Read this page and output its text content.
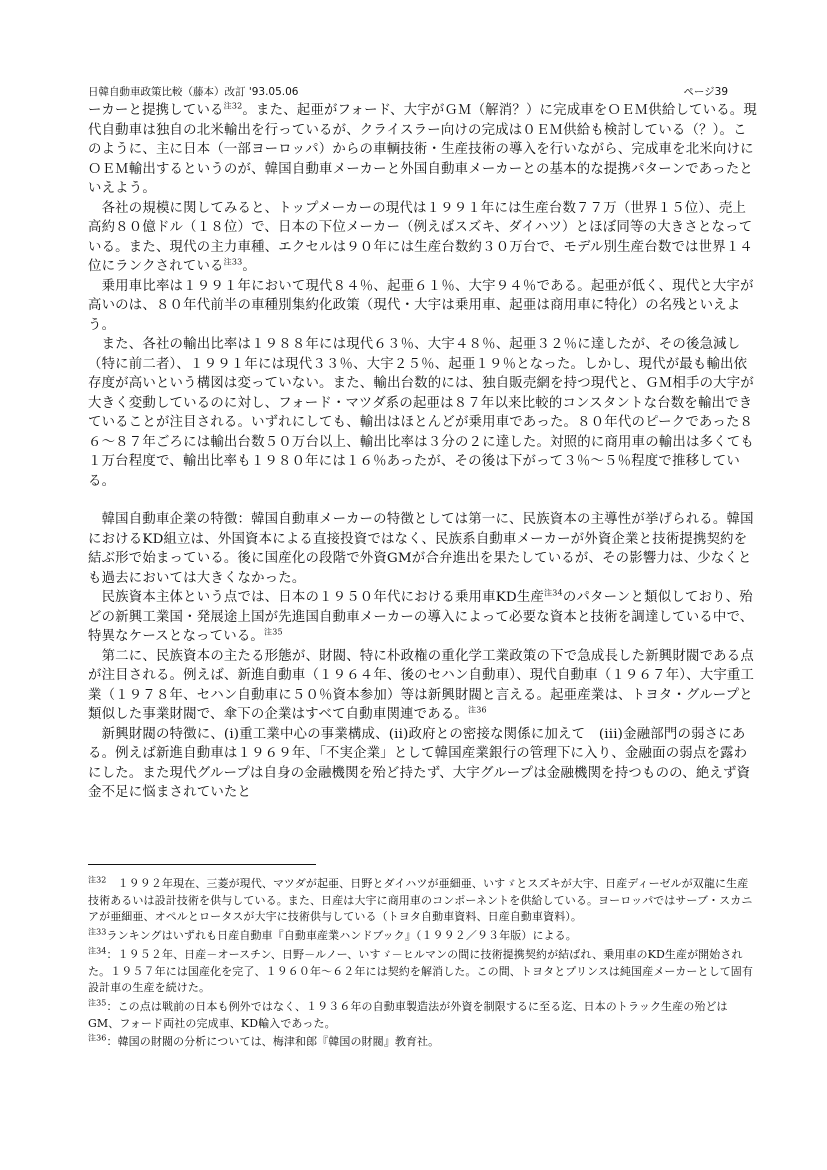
日韓自動車政策比較（藤本）改訂 '93.05.06	ページ39

ーカーと提携している$^{注32}$。また、起亜がフォード、大宇がＧＭ（解消？）に完成車をＯＥＭ供給している。現代自動車は独自の北米輸出を行っているが、クライスラー向けの完成は０ＥＭ供給も検討している（？）。このように、主に日本（一部ヨーロッパ）からの車輌技術・生産技術の導入を行いながら、完成車を北米向けにＯＥＭ輸出するというのが、韓国自動車メーカーと外国自動車メーカーとの基本的な提携パターンであったといえよう。

　各社の規模に関してみると、トップメーカーの現代は１９９１年には生産台数７７万（世界１５位）、売上高約８０億ドル（１８位）で、日本の下位メーカー（例えばスズキ、ダイハツ）とほぼ同等の大きさとなっている。また、現代の主力車種、エクセルは９０年には生産台数約３０万台で、モデル別生産台数では世界１４位にランクされている$^{注33}$。

　乗用車比率は１９９１年において現代８４％、起亜６１％、大宇９４％である。起亜が低く、現代と大宇が高いのは、８０年代前半の車種別集約化政策（現代・大宇は乗用車、起亜は商用車に特化）の名残といえよう。

　また、各社の輸出比率は１９８８年には現代６３％、大宇４８％、起亜３２％に達したが、その後急減し（特に前二者）、１９９１年には現代３３％、大宇２５％、起亜１９％となった。しかし、現代が最も輸出依存度が高いという構図は変っていない。また、輸出台数的には、独自販売網を持つ現代と、ＧＭ相手の大宇が大きく変動しているのに対し、フォード・マツダ系の起亜は８７年以来比較的コンスタントな台数を輸出できていることが注目される。いずれにしても、輸出はほとんどが乗用車であった。８０年代のピークであった８６～８７年ごろには輸出台数５０万台以上、輸出比率は３分の２に達した。対照的に商用車の輸出は多くても１万台程度で、輸出比率も１９８０年には１６％あったが、その後は下がって３％～５％程度で推移している。

　韓国自動車企業の特徴：韓国自動車メーカーの特徴としては第一に、民族資本の主導性が挙げられる。韓国におけるKD組立は、外国資本による直接投資ではなく、民族系自動車メーカーが外資企業と技術提携契約を結ぶ形で始まっている。後に国産化の段階で外資GMが合弁進出を果たしているが、その影響力は、少なくとも過去においては大きくなかった。

　民族資本主体という点では、日本の１９５０年代における乗用車KD生産$^{注34}$のパターンと類似しており、殆どの新興工業国・発展途上国が先進国自動車メーカーの導入によって必要な資本と技術を調達している中で、特異なケースとなっている。$^{注35}$

　第二に、民族資本の主たる形態が、財閥、特に朴政権の重化学工業政策の下で急成長した新興財閥である点が注目される。例えば、新進自動車（１９６４年、後のセハン自動車）、現代自動車（１９６７年）、大宇重工業（１９７８年、セハン自動車に５０％資本参加）等は新興財閥と言える。起亜産業は、トヨタ・グループと類似した事業財閥で、傘下の企業はすべて自動車関連である。$^{注36}$

　新興財閥の特徴に、(i)重工業中心の事業構成、(ii)政府との密接な関係に加えて　(iii)金融部門の弱さにある。例えば新進自動車は１９６９年、「不実企業」として韓国産業銀行の管理下に入り、金融面の弱点を露わにした。また現代グループは自身の金融機関を殆ど持たず、大宇グループは金融機関を持つものの、絶えず資金不足に悩まされていたと

$^{注32}$　１９９２年現在、三菱が現代、マツダが起亜、日野とダイハツが亜細亜、いすゞとスズキが大宇、日産ディーゼルが双龍に生産技術あるいは設計技術を供与している。また、日産は大宇に商用車のコンポーネントを供給している。ヨーロッパではサーブ・スカニアが亜細亜、オペルとロータスが大宇に技術供与している（トヨタ自動車資料、日産自動車資料）。

$^{注33}$ランキングはいずれも日産自動車『自動車産業ハンドブック』（１９９２／９３年版）による。

$^{注34}$：１９５２年、日産－オースチン、日野－ルノー、いすゞ－ヒルマンの間に技術提携契約が結ばれ、乗用車のKD生産が開始された。１９５７年には国産化を完了、１９６０年～６２年には契約を解消した。この間、トヨタとプリンスは純国産メーカーとして固有設計車の生産を続けた。

$^{注35}$：この点は戦前の日本も例外ではなく、１９３６年の自動車製造法が外資を制限するに至る迄、日本のトラック生産の殆どはGM、フォード両社の完成車、KD輸入であった。

$^{注36}$：韓国の財閥の分析については、梅津和郎『韓国の財閥』教育社。
